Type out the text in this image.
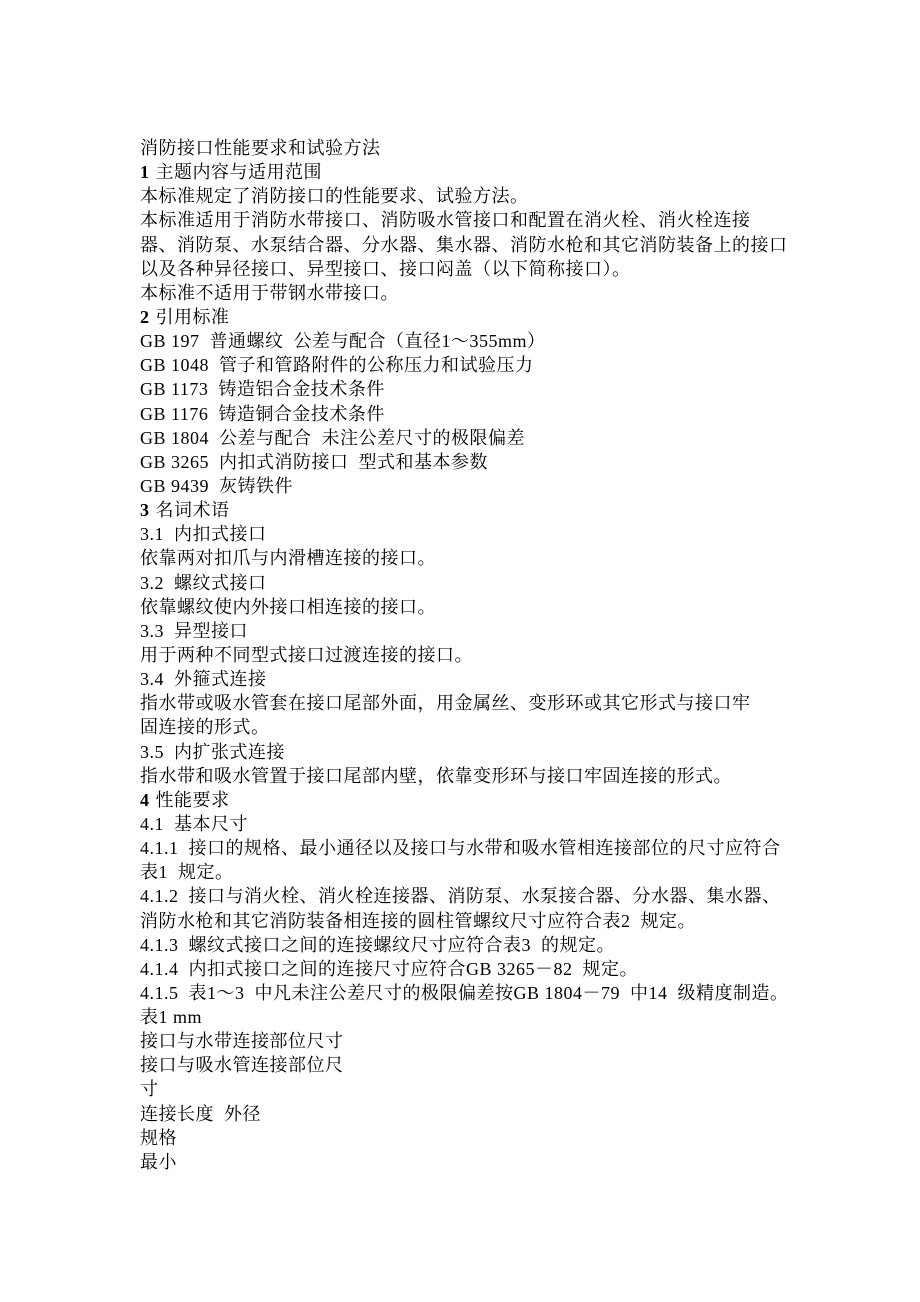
消防接口性能要求和试验方法
1 主题内容与适用范围
本标准规定了消防接口的性能要求、试验方法。
本标准适用于消防水带接口、消防吸水管接口和配置在消火栓、消火栓连接
器、消防泵、水泵结合器、分水器、集水器、消防水枪和其它消防装备上的接口
以及各种异径接口、异型接口、接口闷盖（以下简称接口）。
本标准不适用于带钢水带接口。
2 引用标准
GB 197  普通螺纹  公差与配合（直径1～355mm）
GB 1048  管子和管路附件的公称压力和试验压力
GB 1173  铸造铝合金技术条件
GB 1176  铸造铜合金技术条件
GB 1804  公差与配合  未注公差尺寸的极限偏差
GB 3265  内扣式消防接口  型式和基本参数
GB 9439  灰铸铁件
3 名词术语
3.1  内扣式接口
依靠两对扣爪与内滑槽连接的接口。
3.2  螺纹式接口
依靠螺纹使内外接口相连接的接口。
3.3  异型接口
用于两种不同型式接口过渡连接的接口。
3.4  外箍式连接
指水带或吸水管套在接口尾部外面，用金属丝、变形环或其它形式与接口牢
固连接的形式。
3.5  内扩张式连接
指水带和吸水管置于接口尾部内壁，依靠变形环与接口牢固连接的形式。
4 性能要求
4.1  基本尺寸
4.1.1  接口的规格、最小通径以及接口与水带和吸水管相连接部位的尺寸应符合
表1  规定。
4.1.2  接口与消火栓、消火栓连接器、消防泵、水泵接合器、分水器、集水器、
消防水枪和其它消防装备相连接的圆柱管螺纹尺寸应符合表2  规定。
4.1.3  螺纹式接口之间的连接螺纹尺寸应符合表3  的规定。
4.1.4  内扣式接口之间的连接尺寸应符合GB 3265－82  规定。
4.1.5  表1～3  中凡未注公差尺寸的极限偏差按GB 1804－79  中14  级精度制造。
表1 mm
接口与水带连接部位尺寸
接口与吸水管连接部位尺
寸
连接长度  外径
规格
最小
